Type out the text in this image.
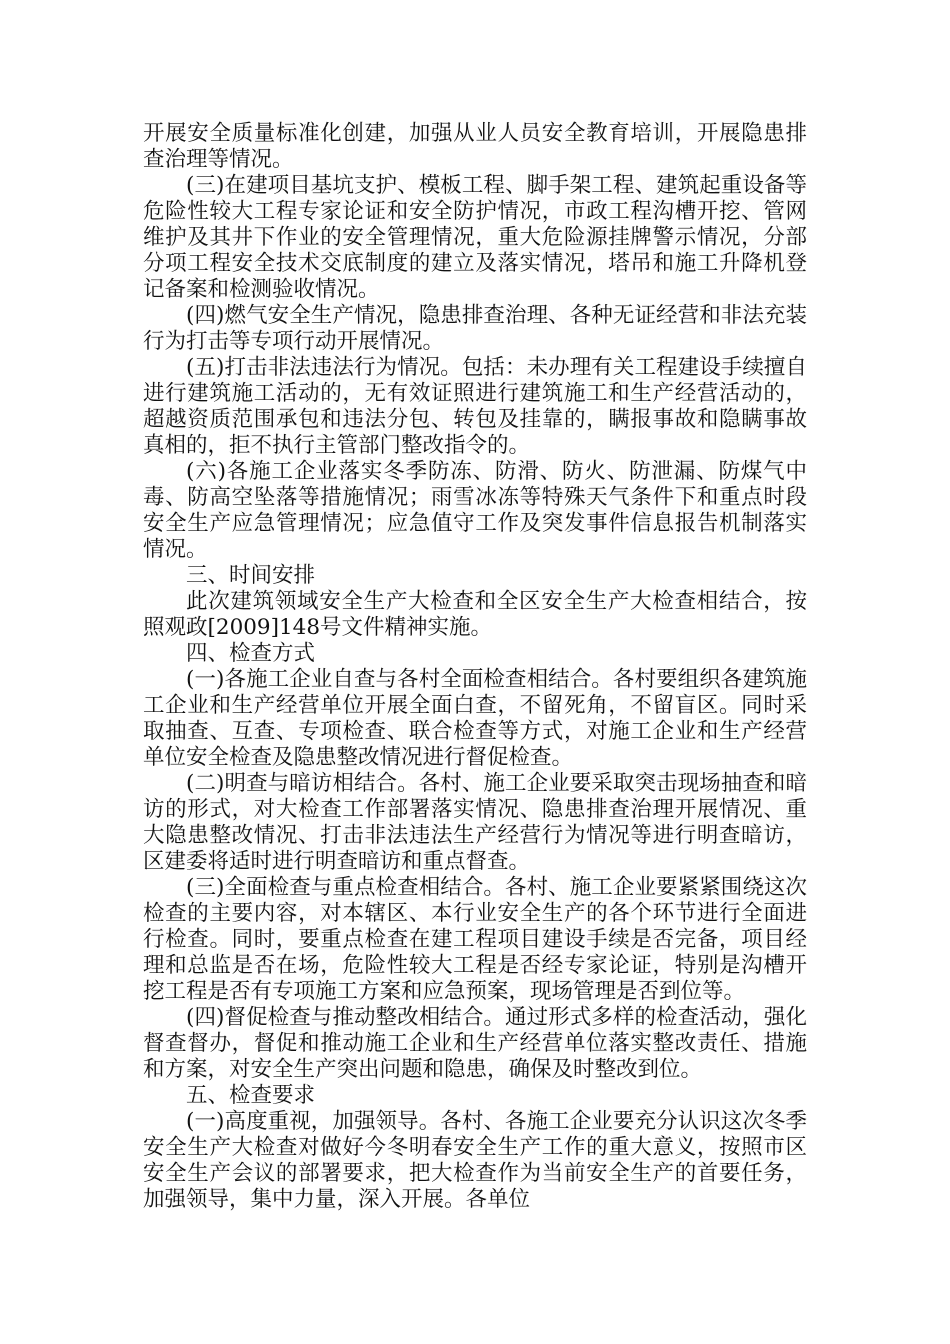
开展安全质量标准化创建，加强从业人员安全教育培训，开展隐患排查治理等情况。

(三)在建项目基坑支护、模板工程、脚手架工程、建筑起重设备等危险性较大工程专家论证和安全防护情况，市政工程沟槽开挖、管网维护及其井下作业的安全管理情况，重大危险源挂牌警示情况，分部分项工程安全技术交底制度的建立及落实情况，塔吊和施工升降机登记备案和检测验收情况。

(四)燃气安全生产情况，隐患排查治理、各种无证经营和非法充装行为打击等专项行动开展情况。

(五)打击非法违法行为情况。包括：未办理有关工程建设手续擅自进行建筑施工活动的，无有效证照进行建筑施工和生产经营活动的，超越资质范围承包和违法分包、转包及挂靠的，瞒报事故和隐瞒事故真相的，拒不执行主管部门整改指令的。

(六)各施工企业落实冬季防冻、防滑、防火、防泄漏、防煤气中毒、防高空坠落等措施情况；雨雪冰冻等特殊天气条件下和重点时段安全生产应急管理情况；应急值守工作及突发事件信息报告机制落实情况。

三、时间安排

此次建筑领域安全生产大检查和全区安全生产大检查相结合，按照观政[2009]148号文件精神实施。

四、检查方式

(一)各施工企业自查与各村全面检查相结合。各村要组织各建筑施工企业和生产经营单位开展全面白查，不留死角，不留盲区。同时采取抽查、互查、专项检查、联合检查等方式，对施工企业和生产经营单位安全检查及隐患整改情况进行督促检查。

(二)明查与暗访相结合。各村、施工企业要采取突击现场抽查和暗访的形式，对大检查工作部署落实情况、隐患排查治理开展情况、重大隐患整改情况、打击非法违法生产经营行为情况等进行明查暗访，区建委将适时进行明查暗访和重点督查。

(三)全面检查与重点检查相结合。各村、施工企业要紧紧围绕这次检查的主要内容，对本辖区、本行业安全生产的各个环节进行全面进行检查。同时，要重点检查在建工程项目建设手续是否完备，项目经理和总监是否在场，危险性较大工程是否经专家论证，特别是沟槽开挖工程是否有专项施工方案和应急预案，现场管理是否到位等。

(四)督促检查与推动整改相结合。通过形式多样的检查活动，强化督查督办，督促和推动施工企业和生产经营单位落实整改责任、措施和方案，对安全生产突出问题和隐患，确保及时整改到位。

五、检查要求

(一)高度重视，加强领导。各村、各施工企业要充分认识这次冬季安全生产大检查对做好今冬明春安全生产工作的重大意义，按照市区安全生产会议的部署要求，把大检查作为当前安全生产的首要任务，加强领导，集中力量，深入开展。各单位
